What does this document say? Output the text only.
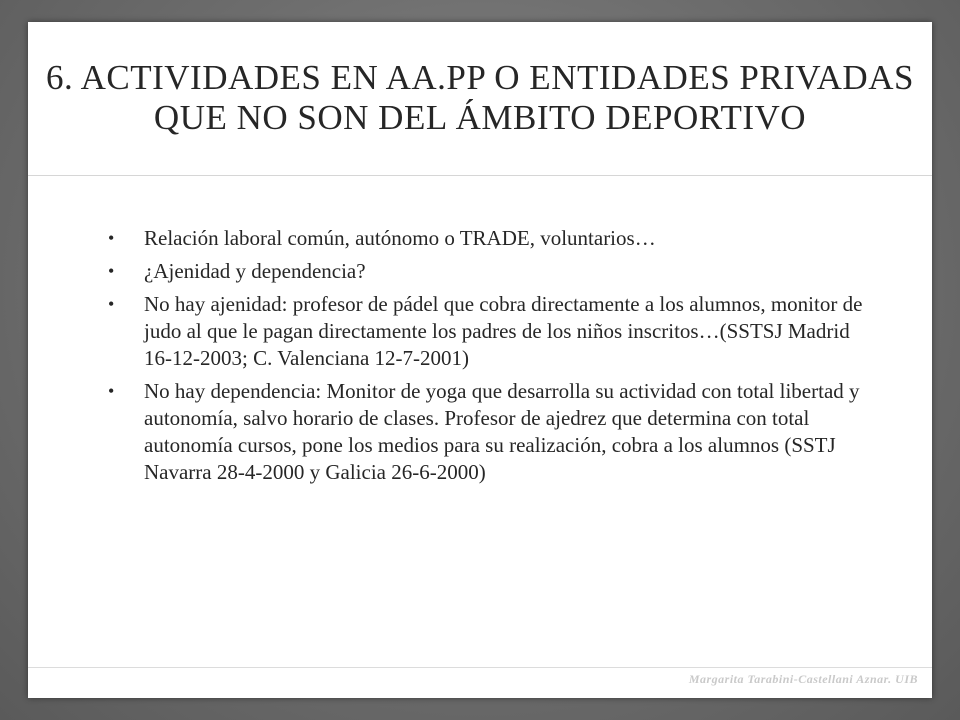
6. ACTIVIDADES EN AA.PP O ENTIDADES PRIVADAS QUE NO SON DEL ÁMBITO DEPORTIVO
• Relación laboral común, autónomo o TRADE, voluntarios…
• ¿Ajenidad y dependencia?
• No hay ajenidad: profesor de pádel que cobra directamente a los alumnos, monitor de judo al que le pagan directamente los padres de los niños inscritos…(SSTSJ Madrid 16-12-2003; C. Valenciana 12-7-2001)
• No hay dependencia: Monitor de yoga que desarrolla su actividad con total libertad y autonomía, salvo horario de clases. Profesor de ajedrez que determina con total autonomía cursos, pone los medios para su realización, cobra a los alumnos (SSTJ Navarra 28-4-2000 y Galicia 26-6-2000)
Margarita Tarabini-Castellani Aznar. UIB
